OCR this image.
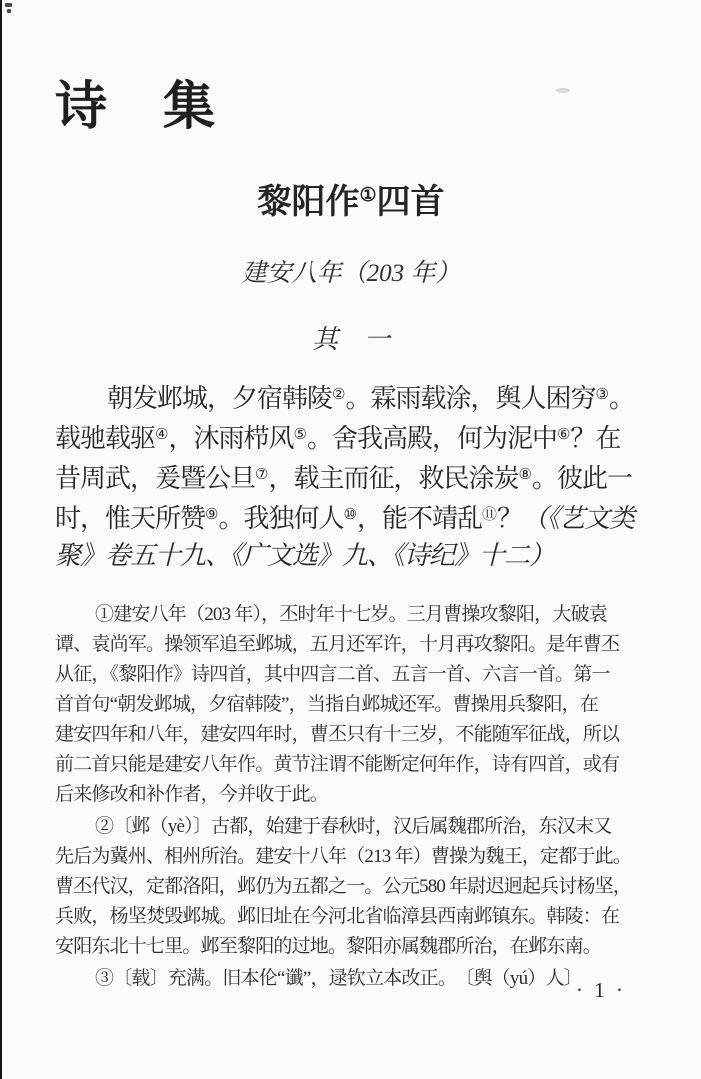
诗　集
黎阳作①四首
建安八年（203 年）
其　一

朝发邺城，夕宿韩陵②。霖雨载涂，舆人困穷③。
载驰载驱④，沐雨栉风⑤。舍我高殿，何为泥中⑥？在
昔周武，爰暨公旦⑦，载主而征，救民涂炭⑧。彼此一
时，惟天所赞⑨。我独何人⑩，能不靖乱⑪？（《艺文类
聚》卷五十九、《广文选》九、《诗纪》十二）

①建安八年（203 年），丕时年十七岁。三月曹操攻黎阳，大破袁
谭、袁尚军。操领军追至邺城，五月还军许，十月再攻黎阳。是年曹丕
从征，《黎阳作》诗四首，其中四言二首、五言一首、六言一首。第一
首首句“朝发邺城，夕宿韩陵”，当指自邺城还军。曹操用兵黎阳，在
建安四年和八年，建安四年时，曹丕只有十三岁，不能随军征战，所以
前二首只能是建安八年作。黄节注谓不能断定何年作，诗有四首，或有
后来修改和补作者，今并收于此。

②〔邺（yè）〕古都，始建于春秋时，汉后属魏郡所治，东汉末又
先后为冀州、相州所治。建安十八年（213 年）曹操为魏王，定都于此。
曹丕代汉，定都洛阳，邺仍为五都之一。公元580 年尉迟迥起兵讨杨坚，
兵败，杨坚焚毁邺城。邺旧址在今河北省临漳县西南邺镇东。韩陵：在
安阳东北十七里。邺至黎阳的过地。黎阳亦属魏郡所治，在邺东南。

③〔载〕充满。旧本伦“谶”，逯钦立本改正。　〔舆（yú）人〕

· 1 ·
